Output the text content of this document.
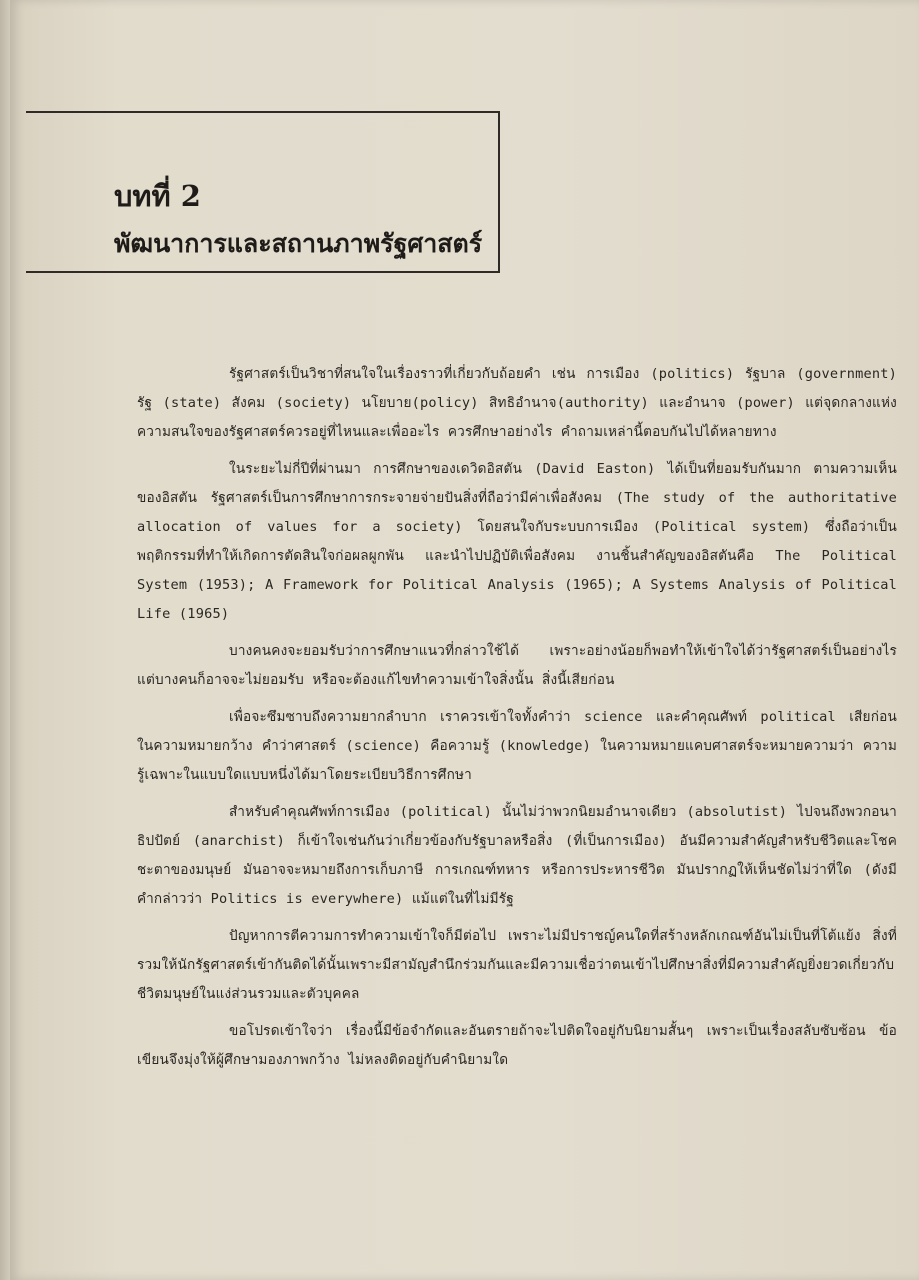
บทที่ 2
พัฒนาการและสถานภาพรัฐศาสตร์

รัฐศาสตร์เป็นวิชาที่สนใจในเรื่องราวที่เกี่ยวกับถ้อยคำ เช่น การเมือง (politics) รัฐบาล (government) รัฐ (state) สังคม (society) นโยบาย(policy) สิทธิอำนาจ(authority) และอำนาจ (power) แต่จุดกลางแห่งความสนใจของรัฐศาสตร์ควรอยู่ที่ไหนและเพื่ออะไร ควรศึกษาอย่างไร คำถามเหล่านี้ตอบกันไปได้หลายทาง

ในระยะไม่กี่ปีที่ผ่านมา การศึกษาของเดวิดอิสตัน (David Easton) ได้เป็นที่ยอมรับกันมาก ตามความเห็นของอิสตัน รัฐศาสตร์เป็นการศึกษาการกระจายจ่ายปันสิ่งที่ถือว่ามีค่าเพื่อสังคม (The study of the authoritative allocation of values for a society) โดยสนใจกับระบบการเมือง (Political system) ซึ่งถือว่าเป็นพฤติกรรมที่ทำให้เกิดการตัดสินใจก่อผลผูกพัน และนำไปปฏิบัติเพื่อสังคม งานชิ้นสำคัญของอิสตันคือ The Political System (1953); A Framework for Political Analysis (1965); A Systems Analysis of Political Life (1965)

บางคนคงจะยอมรับว่าการศึกษาแนวที่กล่าวใช้ได้ เพราะอย่างน้อยก็พอทำให้เข้าใจได้ว่ารัฐศาสตร์เป็นอย่างไร แต่บางคนก็อาจจะไม่ยอมรับ หรือจะต้องแก้ไขทำความเข้าใจสิ่งนั้น สิ่งนี้เสียก่อน

เพื่อจะซึมซาบถึงความยากลำบาก เราควรเข้าใจทั้งคำว่า science และคำคุณศัพท์ political เสียก่อน ในความหมายกว้าง คำว่าศาสตร์ (science) คือความรู้ (knowledge) ในความหมายแคบศาสตร์จะหมายความว่า ความรู้เฉพาะในแบบใดแบบหนึ่งได้มาโดยระเบียบวิธีการศึกษา

สำหรับคำคุณศัพท์การเมือง (political) นั้นไม่ว่าพวกนิยมอำนาจเดียว (absolutist) ไปจนถึงพวกอนาธิปปัตย์ (anarchist) ก็เข้าใจเช่นกันว่าเกี่ยวข้องกับรัฐบาลหรือสิ่ง (ที่เป็นการเมือง) อันมีความสำคัญสำหรับชีวิตและโชคชะตาของมนุษย์ มันอาจจะหมายถึงการเก็บภาษี การเกณฑ์ทหาร หรือการประหารชีวิต มันปรากฏให้เห็นชัดไม่ว่าที่ใด (ดังมีคำกล่าวว่า Politics is everywhere) แม้แต่ในที่ไม่มีรัฐ

ปัญหาการตีความการทำความเข้าใจก็มีต่อไป เพราะไม่มีปราชญ์คนใดที่สร้างหลักเกณฑ์อันไม่เป็นที่โต้แย้ง สิ่งที่รวมให้นักรัฐศาสตร์เข้ากันติดได้นั้นเพราะมีสามัญสำนึกร่วมกันและมีความเชื่อว่าตนเข้าไปศึกษาสิ่งที่มีความสำคัญยิ่งยวดเกี่ยวกับชีวิตมนุษย์ในแง่ส่วนรวมและตัวบุคคล

ขอโปรดเข้าใจว่า เรื่องนี้มีข้อจำกัดและอันตรายถ้าจะไปติดใจอยู่กับนิยามสั้นๆ เพราะเป็นเรื่องสลับซับซ้อน ข้อเขียนจึงมุ่งให้ผู้ศึกษามองภาพกว้าง ไม่หลงติดอยู่กับคำนิยามใด
